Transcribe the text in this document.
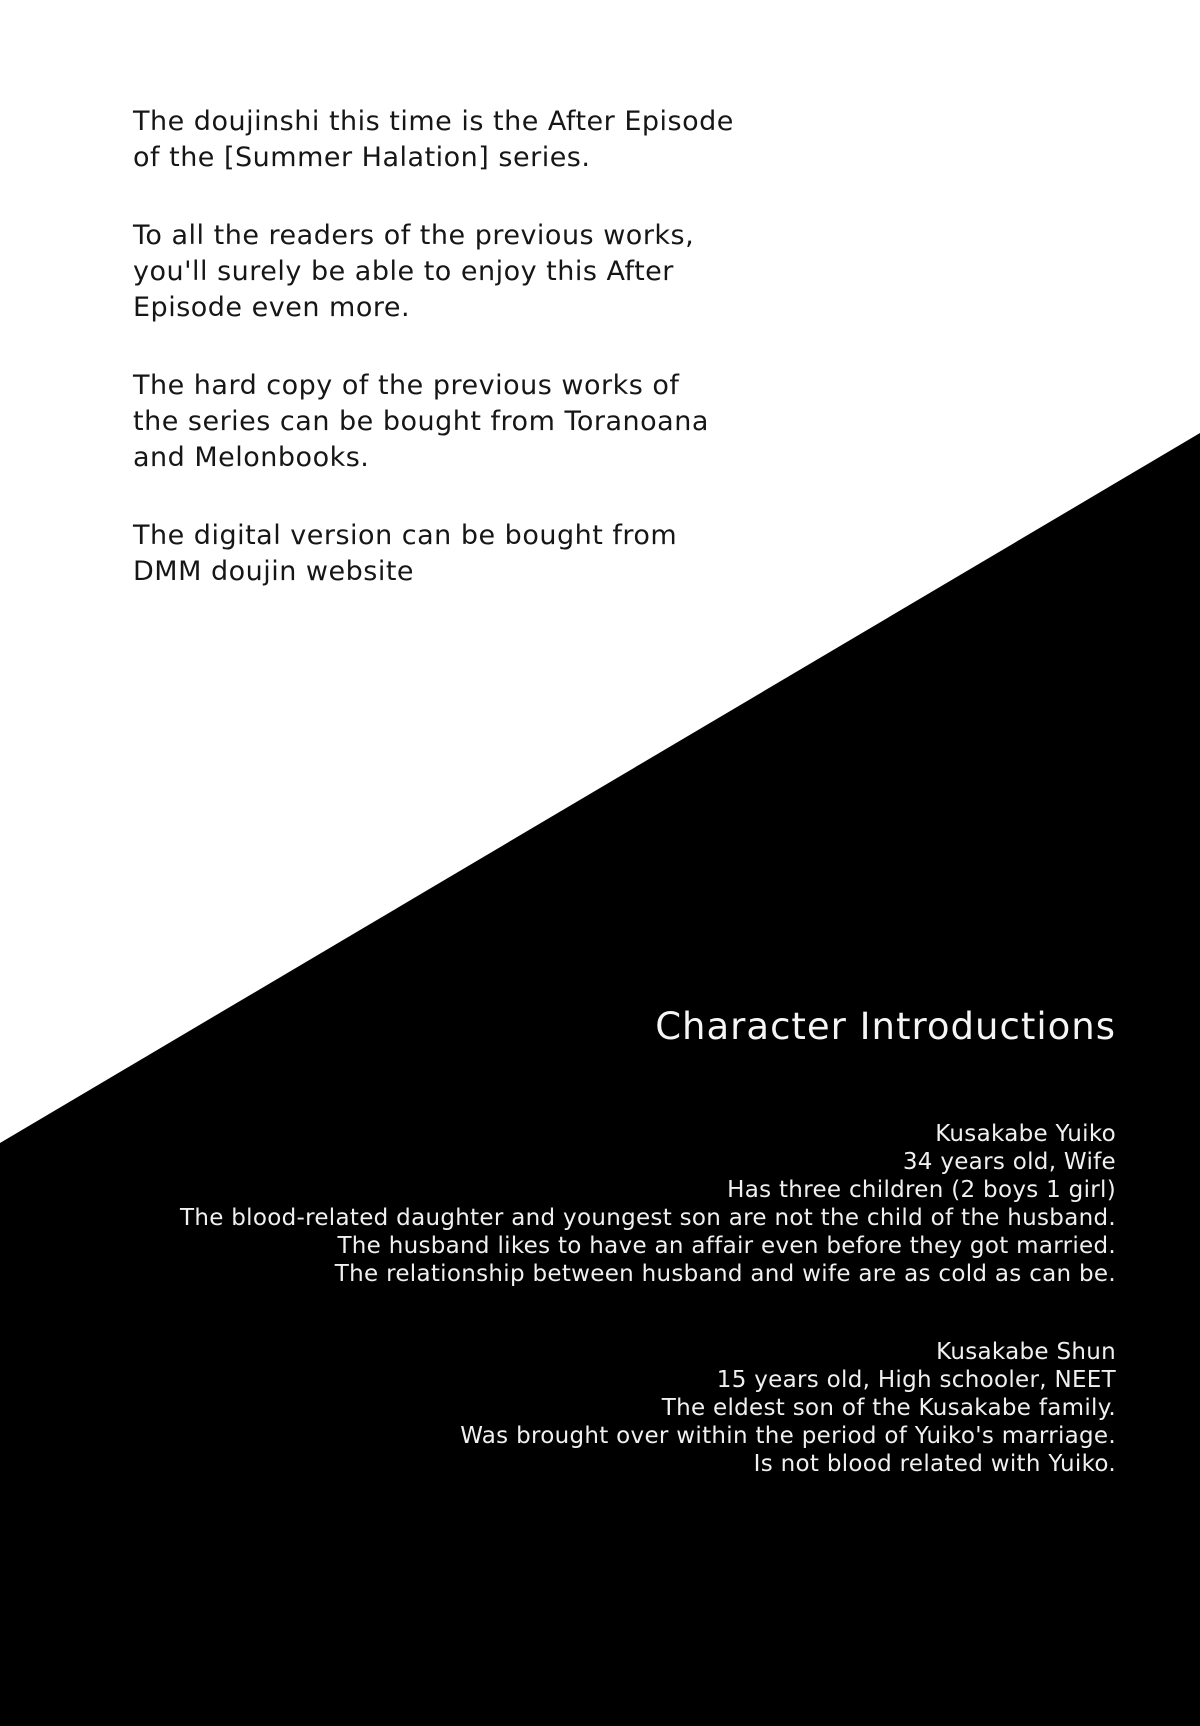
The doujinshi this time is the After Episode
of the [Summer Halation] series.
To all the readers of the previous works,
you'll surely be able to enjoy this After
Episode even more.
The hard copy of the previous works of
the series can be bought from Toranoana
and Melonbooks.
The digital version can be bought from
DMM doujin website
Character Introductions
Kusakabe Yuiko
34 years old, Wife
Has three children (2 boys 1 girl)
The blood-related daughter and youngest son are not the child of the husband.
The husband likes to have an affair even before they got married.
The relationship between husband and wife are as cold as can be.
Kusakabe Shun
15 years old, High schooler, NEET
The eldest son of the Kusakabe family.
Was brought over within the period of Yuiko's marriage.
Is not blood related with Yuiko.
